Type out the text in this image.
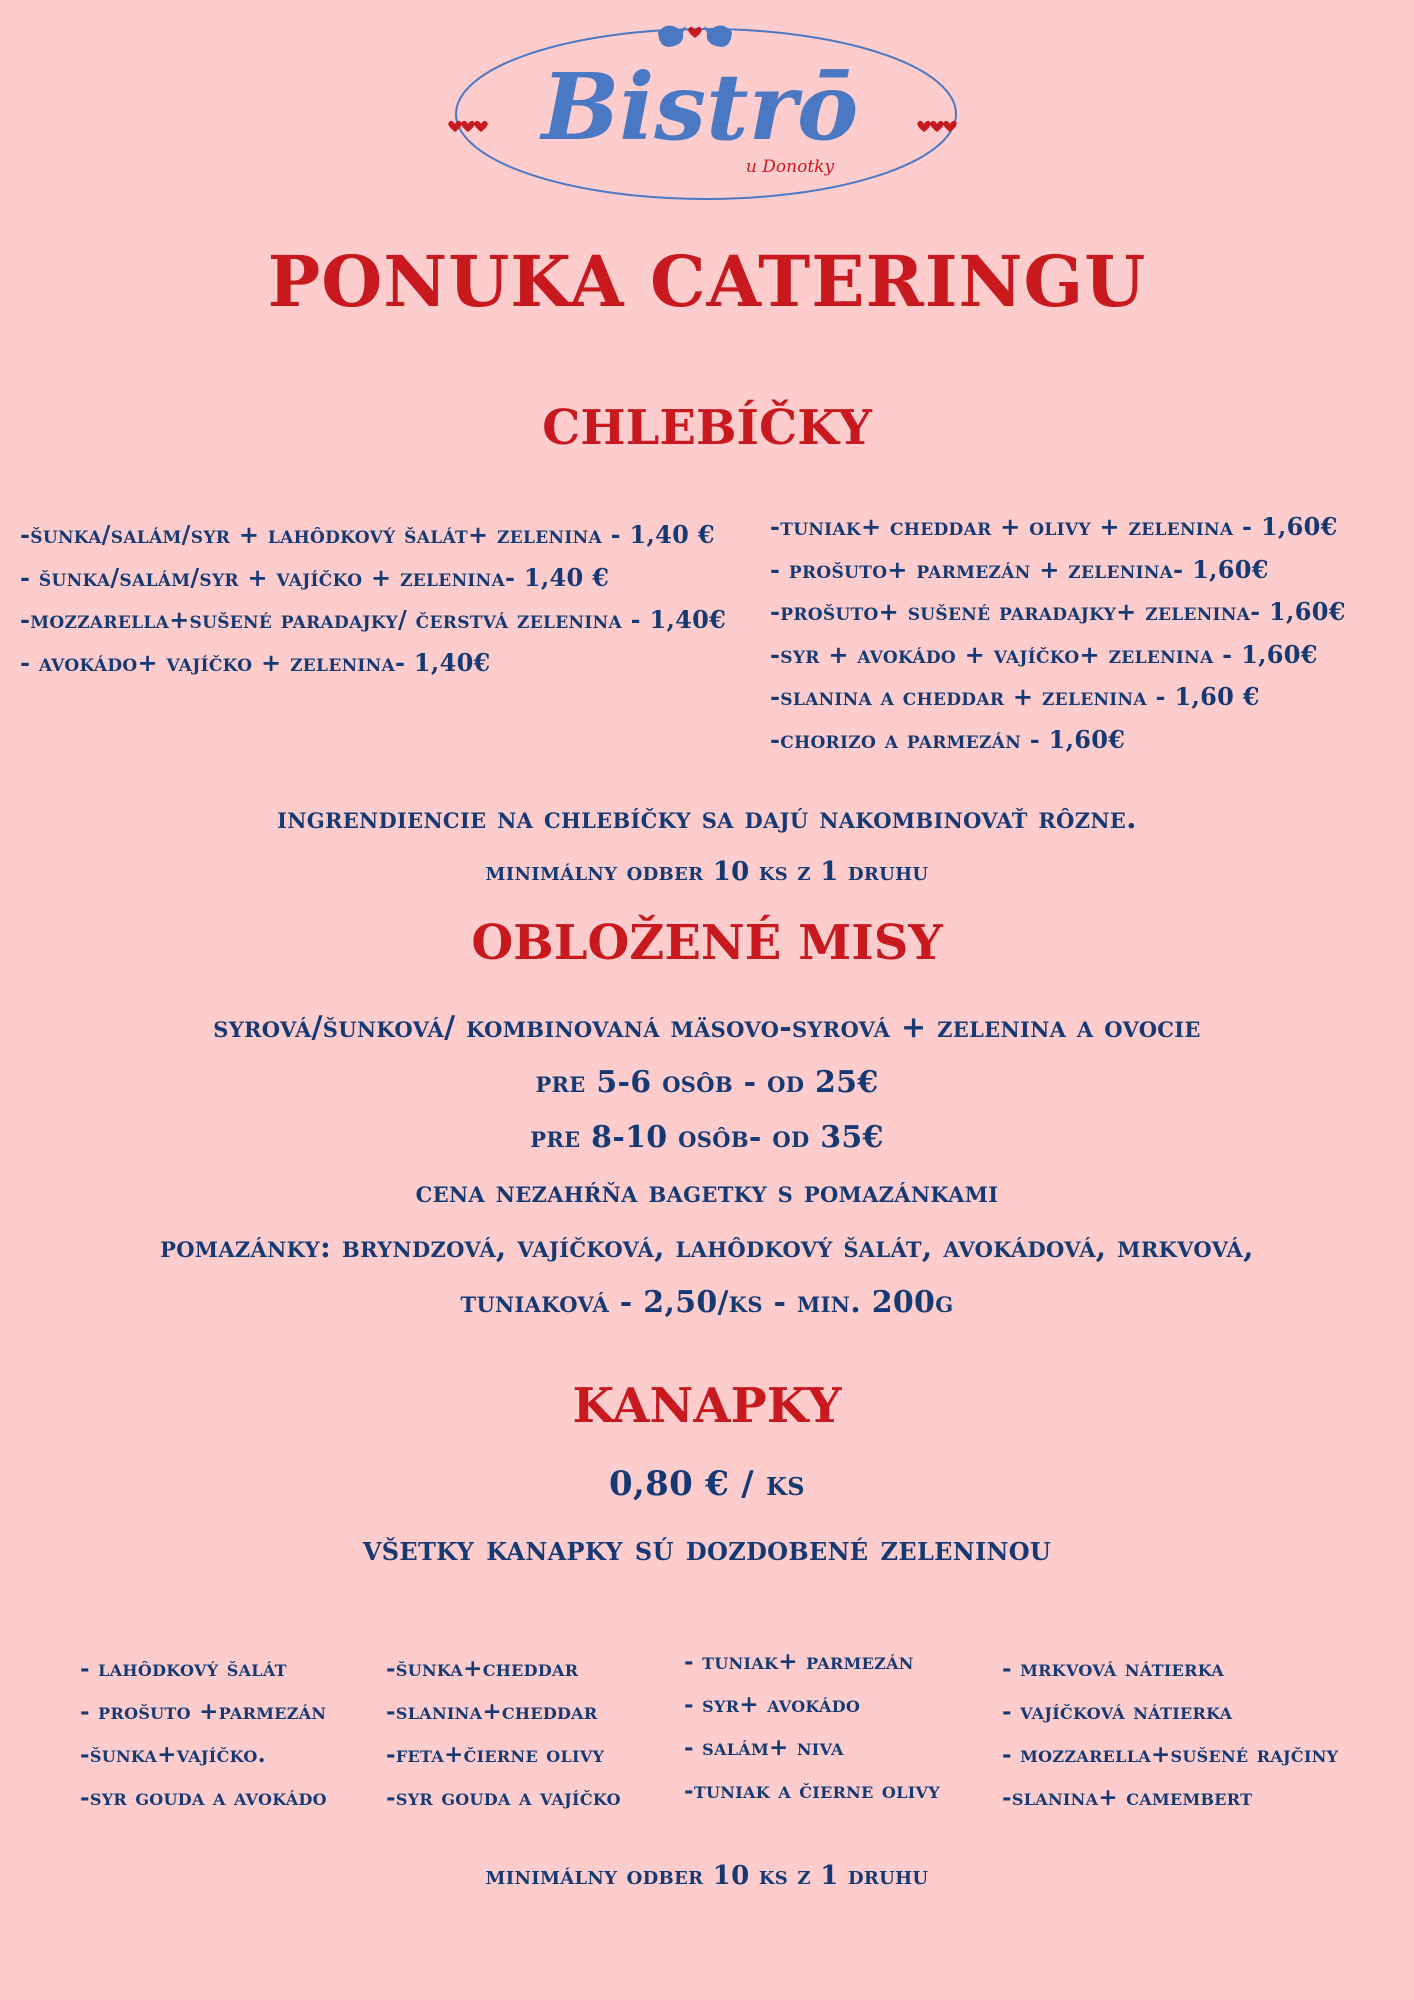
Bistrō
u Donotky
PONUKA CATERINGU
CHLEBÍČKY
-šunka/salám/syr + lahôdkový šalát+ zelenina - 1,40 €
- šunka/salám/syr + vajíčko + zelenina- 1,40 €
-mozzarella+sušené paradajky/ čerstvá zelenina - 1,40€
- avokádo+ vajíčko + zelenina- 1,40€
-tuniak+ cheddar + olivy + zelenina - 1,60€
- prošuto+ parmezán + zelenina- 1,60€
-prošuto+ sušené paradajky+ zelenina- 1,60€
-syr + avokádo + vajíčko+ zelenina - 1,60€
-slanina a cheddar + zelenina - 1,60 €
-chorizo a parmezán - 1,60€
ingrendiencie na chlebíčky sa dajú nakombinovať rôzne.
minimálny odber 10 ks z 1 druhu
OBLOŽENÉ MISY
syrová/šunková/ kombinovaná mäsovo-syrová + zelenina a ovocie
pre 5-6 osôb - od 25€
pre 8-10 osôb- od 35€
cena nezahŕňa bagetky s pomazánkami
pomazánky: bryndzová, vajíčková, lahôdkový šalát, avokádová, mrkvová,
tuniaková - 2,50/ks - min. 200g
KANAPKY
0,80 € / ks
všetky kanapky sú dozdobené zeleninou
- lahôdkový šalát
- prošuto +parmezán
-šunka+vajíčko.
-syr gouda a avokádo
-šunka+cheddar
-slanina+cheddar
-feta+čierne olivy
-syr gouda a vajíčko
- tuniak+ parmezán
- syr+ avokádo
- salám+ niva
-tuniak a čierne olivy
- mrkvová nátierka
- vajíčková nátierka
- mozzarella+sušené rajčiny
-slanina+ camembert
minimálny odber 10 ks z 1 druhu
